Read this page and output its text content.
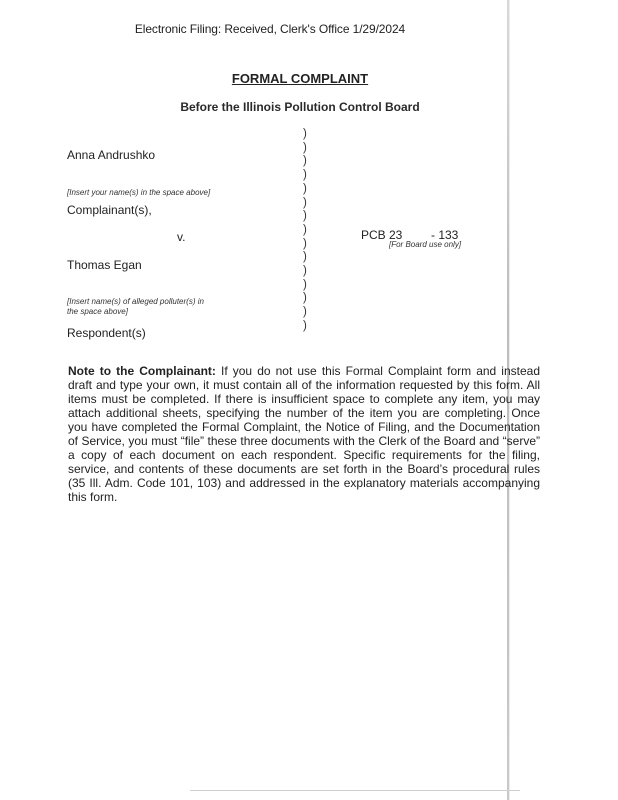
Electronic Filing: Received, Clerk's Office 1/29/2024
FORMAL COMPLAINT
Before the Illinois Pollution Control Board
Anna Andrushko
[Insert your name(s) in the space above]
Complainant(s),
v.	PCB 23 - 133
[For Board use only]
Thomas Egan
[Insert name(s) of alleged polluter(s) in
the space above]
Respondent(s)
)
)
)
)
)
)
)
)
)
)
)
)
)
)
)
Note to the Complainant: If you do not use this Formal Complaint form and instead draft and type your own, it must contain all of the information requested by this form. All items must be completed. If there is insufficient space to complete any item, you may attach additional sheets, specifying the number of the item you are completing. Once you have completed the Formal Complaint, the Notice of Filing, and the Documentation of Service, you must “file” these three documents with the Clerk of the Board and “serve” a copy of each document on each respondent. Specific requirements for the filing, service, and contents of these documents are set forth in the Board’s procedural rules (35 Ill. Adm. Code 101, 103) and addressed in the explanatory materials accompanying this form.
